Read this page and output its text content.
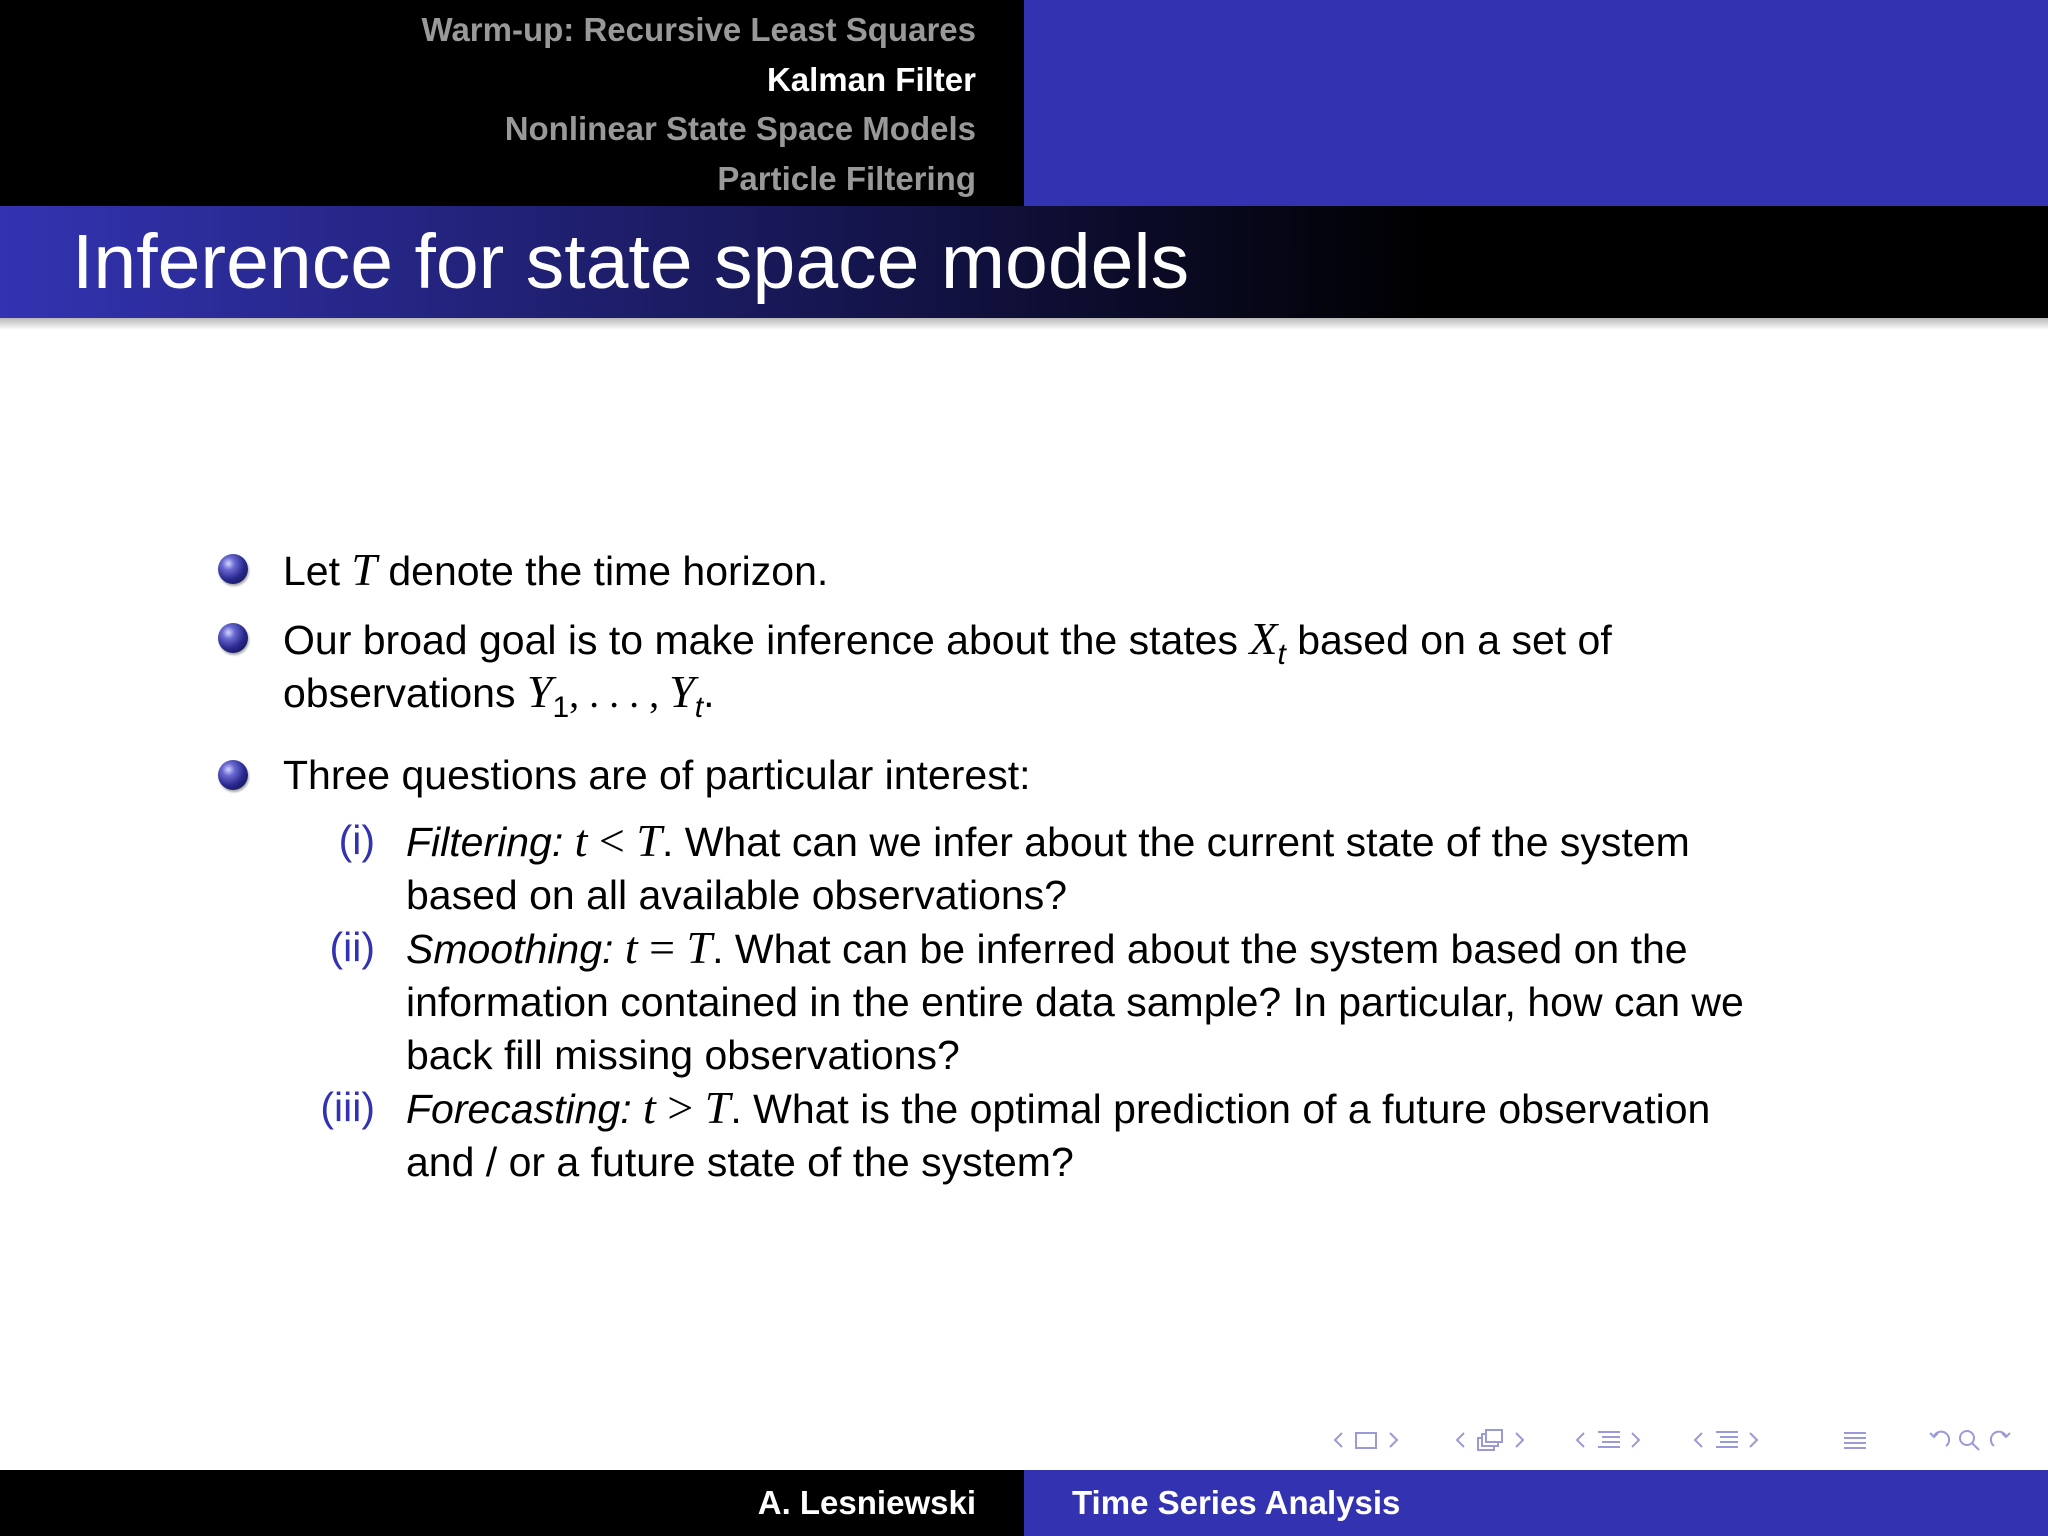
Warm-up: Recursive Least Squares
Kalman Filter
Nonlinear State Space Models
Particle Filtering
Inference for state space models
Let T denote the time horizon.
Our broad goal is to make inference about the states $X_t$ based on a set of
observations $Y_1$, . . . , $Y_t$.
Three questions are of particular interest:
(i) Filtering: t < T. What can we infer about the current state of the system
based on all available observations?
(ii) Smoothing: t = T. What can be inferred about the system based on the
information contained in the entire data sample? In particular, how can we
back fill missing observations?
(iii) Forecasting: t > T. What is the optimal prediction of a future observation
and / or a future state of the system?
A. Lesniewski	Time Series Analysis
